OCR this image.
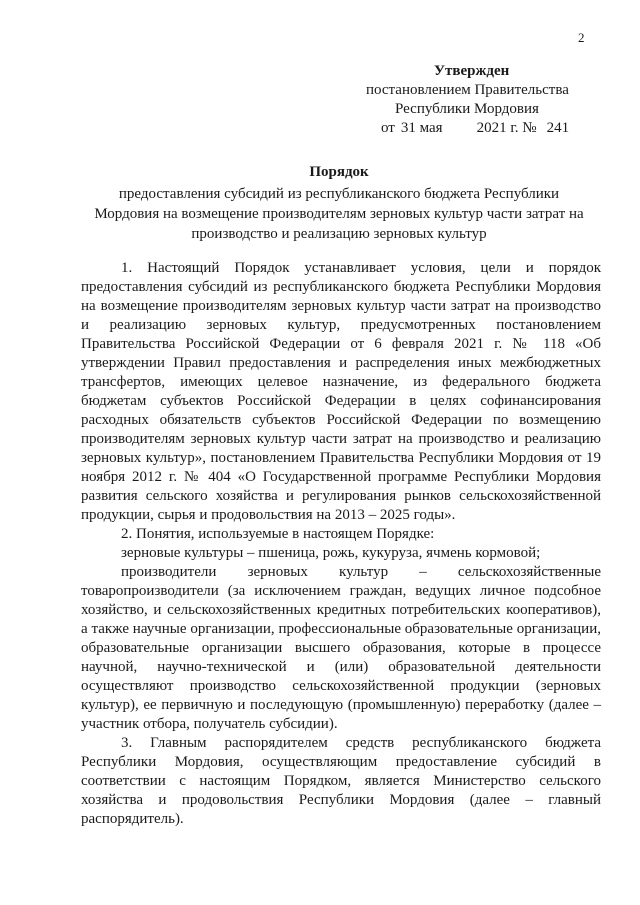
2
Утвержден
постановлением Правительства
Республики Мордовия
от 31 мая 2021 г. № 241
Порядок
предоставления субсидий из республиканского бюджета Республики
Мордовия на возмещение производителям зерновых культур части затрат на
производство и реализацию зерновых культур

1. Настоящий Порядок устанавливает условия, цели и порядок предоставления субсидий из республиканского бюджета Республики Мордовия на возмещение производителям зерновых культур части затрат на производство и реализацию зерновых культур, предусмотренных постановлением Правительства Российской Федерации от 6 февраля 2021 г. № 118 «Об утверждении Правил предоставления и распределения иных межбюджетных трансфертов, имеющих целевое назначение, из федерального бюджета бюджетам субъектов Российской Федерации в целях софинансирования расходных обязательств субъектов Российской Федерации по возмещению производителям зерновых культур части затрат на производство и реализацию зерновых культур», постановлением Правительства Республики Мордовия от 19 ноября 2012 г. № 404 «О Государственной программе Республики Мордовия развития сельского хозяйства и регулирования рынков сельскохозяйственной продукции, сырья и продовольствия на 2013 – 2025 годы».

2. Понятия, используемые в настоящем Порядке:

зерновые культуры – пшеница, рожь, кукуруза, ячмень кормовой;

производители зерновых культур – сельскохозяйственные товаропроизводители (за исключением граждан, ведущих личное подсобное хозяйство, и сельскохозяйственных кредитных потребительских кооперативов), а также научные организации, профессиональные образовательные организации, образовательные организации высшего образования, которые в процессе научной, научно-технической и (или) образовательной деятельности осуществляют производство сельскохозяйственной продукции (зерновых культур), ее первичную и последующую (промышленную) переработку (далее – участник отбора, получатель субсидии).

3. Главным распорядителем средств республиканского бюджета Республики Мордовия, осуществляющим предоставление субсидий в соответствии с настоящим Порядком, является Министерство сельского хозяйства и продовольствия Республики Мордовия (далее – главный распорядитель).
